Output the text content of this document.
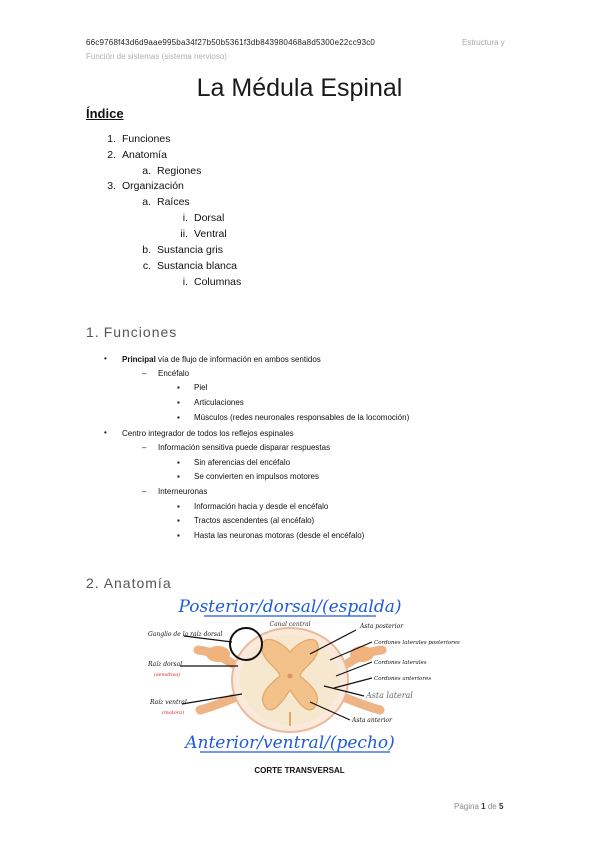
66c9768f43d6d9aae995ba34f27b50b5361f3db843980468a8d5300e22cc93c0	Estructura y
Función de sistemas (sistema nervioso)
La Médula Espinal
Índice
1. Funciones
2. Anatomía
a. Regiones
3. Organización
a. Raíces
i. Dorsal
ii. Ventral
b. Sustancia gris
c. Sustancia blanca
i. Columnas
1. Funciones
• Principal vía de flujo de información en ambos sentidos
– Encéfalo
▪ Piel
▪ Articulaciones
▪ Músculos (redes neuronales responsables de la locomoción)
• Centro integrador de todos los reflejos espinales
– Información sensitiva puede disparar respuestas
▪ Sin aferencias del encéfalo
▪ Se convierten en impulsos motores
– Interneuronas
▪ Información hacia y desde el encéfalo
▪ Tractos ascendentes (al encéfalo)
▪ Hasta las neuronas motoras (desde el encéfalo)
2. Anatomía
Posterior/dorsal/(espalda)
Anterior/ventral/(pecho)
Ganglio de la raíz dorsal
Canal central	Asta posterior
Cordones laterales posteriores
Cordones laterales
Cordones anteriores
Raíz dorsal
(sensitiva)
Raíz ventral
(motora)
Asta lateral
Asta anterior
CORTE TRANSVERSAL
Página 1 de 5
